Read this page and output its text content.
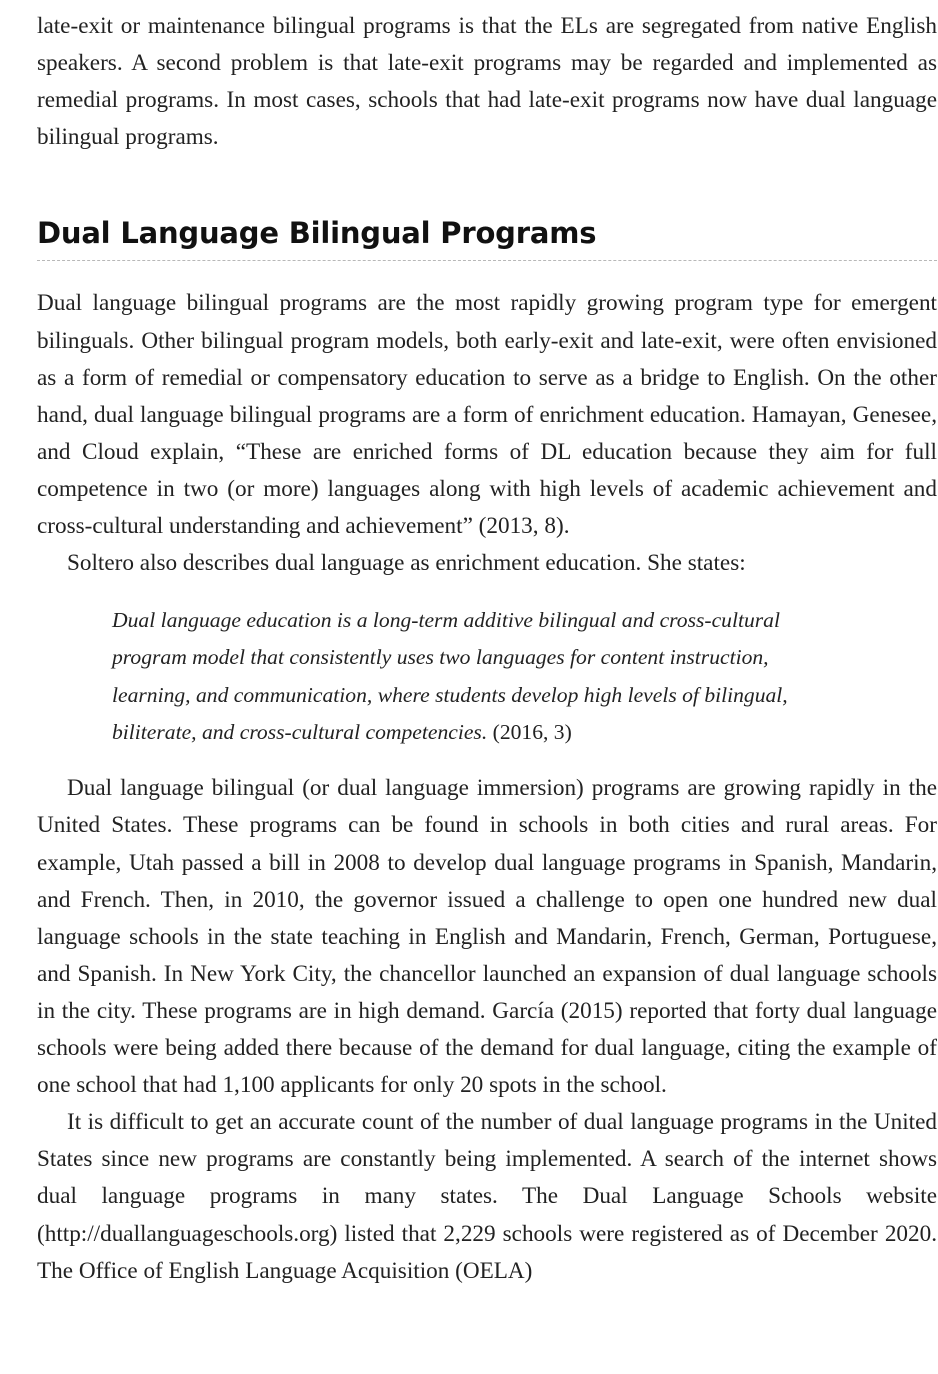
late-exit or maintenance bilingual programs is that the ELs are segregated from native English speakers. A second problem is that late-exit programs may be regarded and implemented as remedial programs. In most cases, schools that had late-exit programs now have dual language bilingual programs.

Dual Language Bilingual Programs

Dual language bilingual programs are the most rapidly growing program type for emergent bilinguals. Other bilingual program models, both early-exit and late-exit, were often envisioned as a form of remedial or compensatory education to serve as a bridge to English. On the other hand, dual language bilingual programs are a form of enrichment education. Hamayan, Genesee, and Cloud explain, “These are enriched forms of DL education because they aim for full competence in two (or more) languages along with high levels of academic achievement and cross-cultural understanding and achievement” (2013, 8).

Soltero also describes dual language as enrichment education. She states:

Dual language education is a long-term additive bilingual and cross-cultural program model that consistently uses two languages for content instruction, learning, and communication, where students develop high levels of bilingual, biliterate, and cross-cultural competencies. (2016, 3)

Dual language bilingual (or dual language immersion) programs are growing rapidly in the United States. These programs can be found in schools in both cities and rural areas. For example, Utah passed a bill in 2008 to develop dual language programs in Spanish, Mandarin, and French. Then, in 2010, the governor issued a challenge to open one hundred new dual language schools in the state teaching in English and Mandarin, French, German, Portuguese, and Spanish. In New York City, the chancellor launched an expansion of dual language schools in the city. These programs are in high demand. García (2015) reported that forty dual language schools were being added there because of the demand for dual language, citing the example of one school that had 1,100 applicants for only 20 spots in the school.

It is difficult to get an accurate count of the number of dual language programs in the United States since new programs are constantly being implemented. A search of the internet shows dual language programs in many states. The Dual Language Schools website (http://duallanguageschools.org) listed that 2,229 schools were registered as of December 2020. The Office of English Language Acquisition (OELA)
